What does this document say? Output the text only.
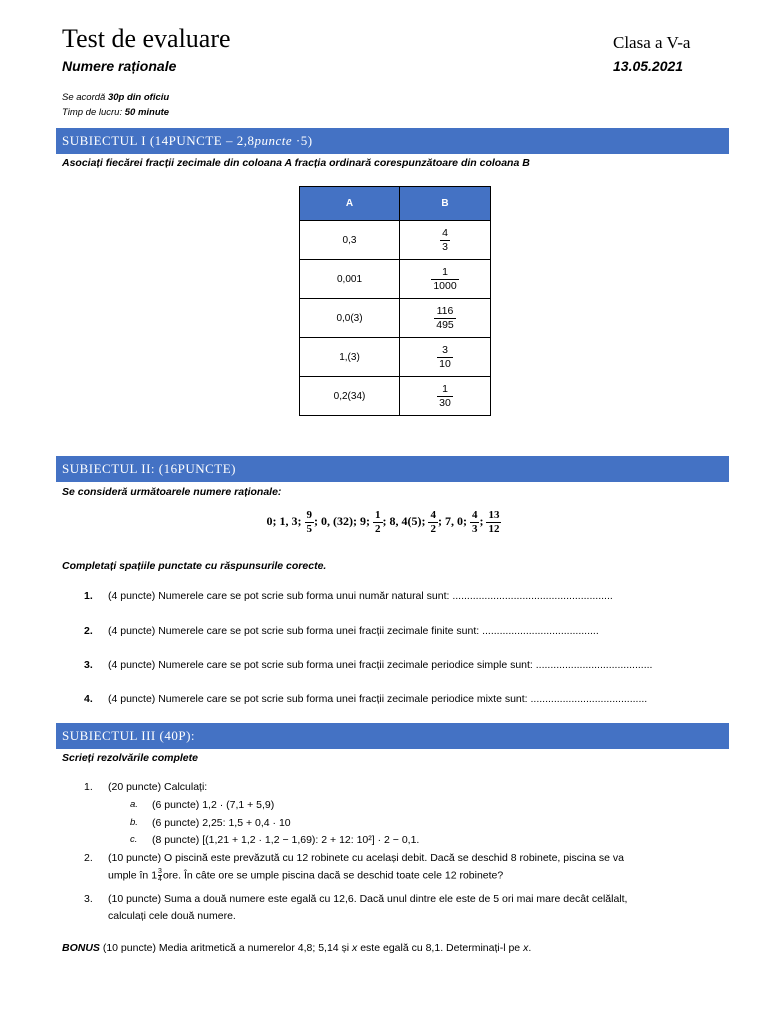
Test de evaluare	Clasa a V-a
Numere raționale	13.05.2021
Se acordă 30p din oficiu
Timp de lucru: 50 minute
SUBIECTUL I (14PUNCTE – 2,8puncte ·5)
Asociați fiecărei fracții zecimale din coloana A fracția ordinară corespunzătoare din coloana B
A	B
0,3	$\frac{4}{3}$

0,001	$\frac{1}{1000}$

0,0(3)	$\frac{116}{495}$

1,(3)	$\frac{3}{10}$

0,2(34)	$\frac{1}{30}$
SUBIECTUL II: (16PUNCTE)
Se consideră următoarele numere raționale:
0; 1, 3; $\frac{9}{5}$ ; 0, (32); 9; $\frac{1}{2}$ ; 8, 4(5); $\frac{4}{2}$ ; 7, 0; $\frac{4}{3}$ ; $\frac{13}{12}$
Completați spațiile punctate cu răspunsurile corecte.
1. (4 puncte) Numerele care se pot scrie sub forma unui număr natural sunt: .......................................................
2. (4 puncte) Numerele care se pot scrie sub forma unei fracții zecimale finite sunt: ........................................
3. (4 puncte) Numerele care se pot scrie sub forma unei fracții zecimale periodice simple sunt: ........................................
4. (4 puncte) Numerele care se pot scrie sub forma unei fracții zecimale periodice mixte sunt: ........................................
SUBIECTUL III (40P):
Scrieți rezolvările complete
1. (20 puncte) Calculați:
a. (6 puncte) 1,2 · (7,1 + 5,9)
b. (6 puncte) 2,25: 1,5 + 0,4 · 10
c. (8 puncte) [(1,21 + 1,2 · 1,2 − 1,69): 2 + 12: 10²] · 2 − 0,1.
2. (10 puncte) O piscină este prevăzută cu 12 robinete cu același debit. Dacă se deschid 8 robinete, piscina se va
umple în $1 \frac{3}{4}$ ore. În câte ore se umple piscina dacă se deschid toate cele 12 robinete?
3. (10 puncte) Suma a două numere este egală cu 12,6. Dacă unul dintre ele este de 5 ori mai mare decât celălalt,
calculați cele două numere.
BONUS (10 puncte) Media aritmetică a numerelor 4,8; 5,14 și x este egală cu 8,1. Determinați-l pe x.
